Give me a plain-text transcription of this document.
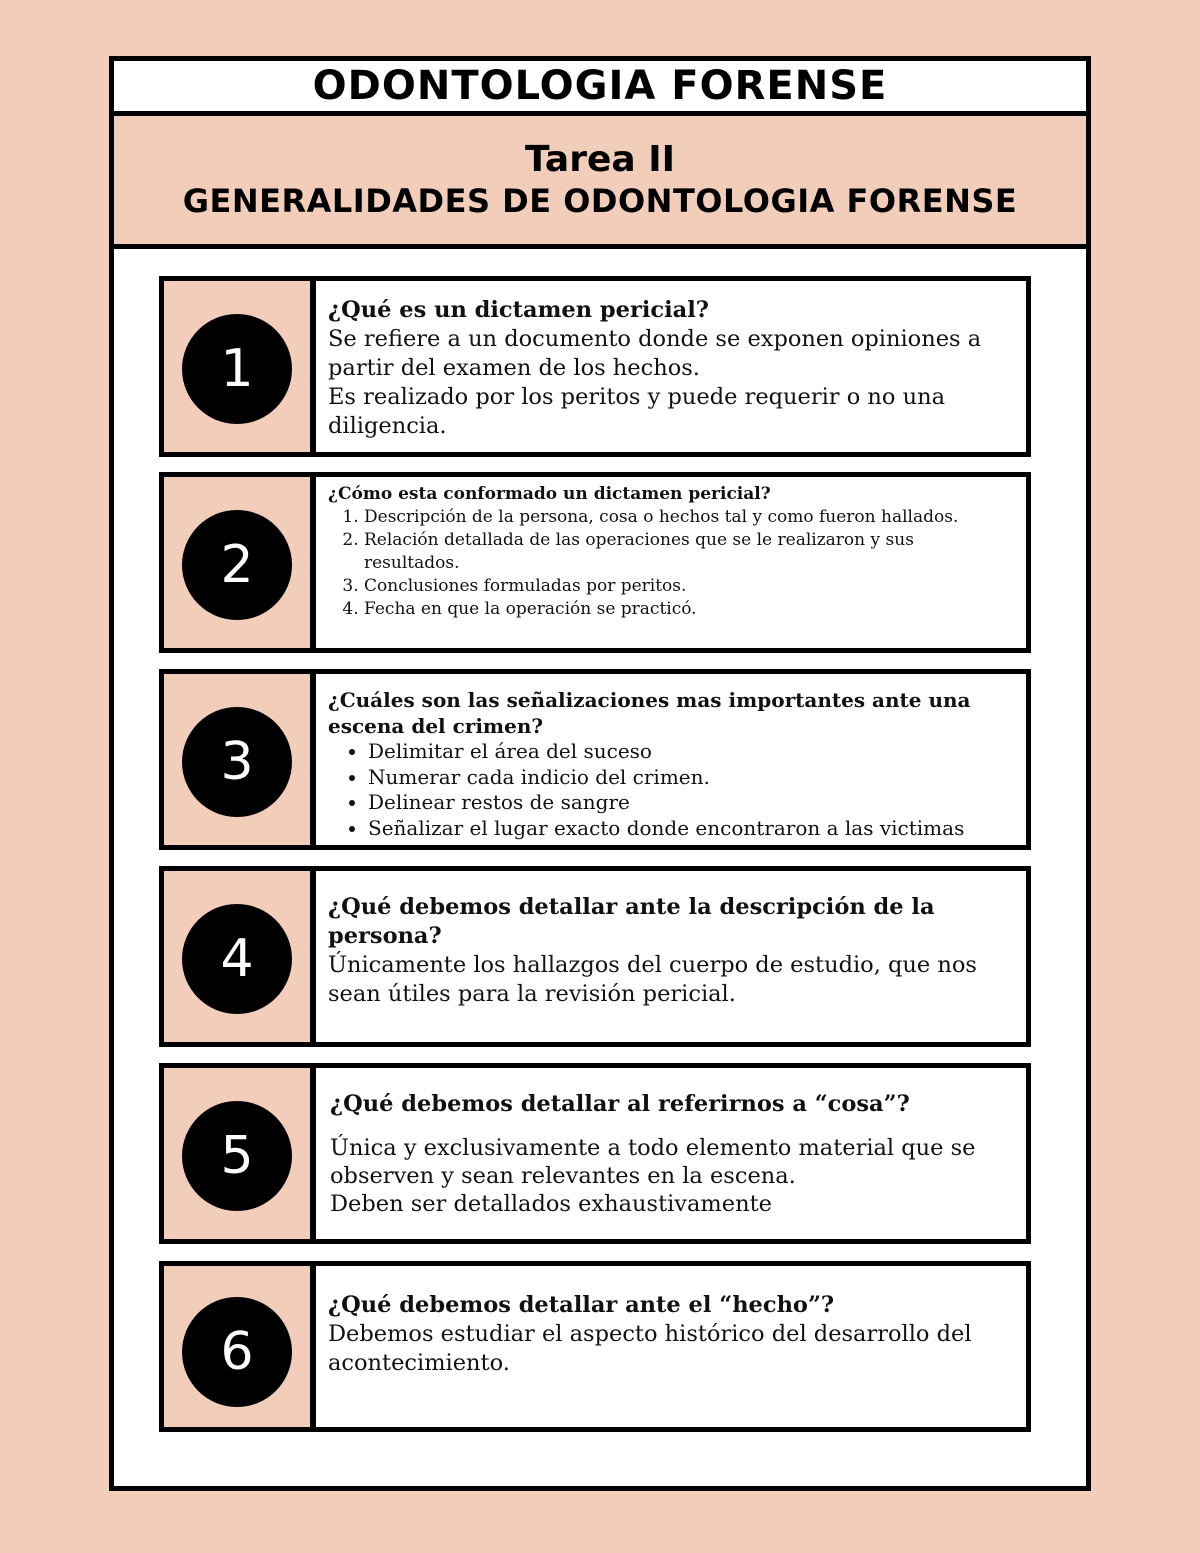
ODONTOLOGIA FORENSE
Tarea II
GENERALIDADES DE ODONTOLOGIA FORENSE
1

¿Qué es un dictamen pericial?

Se refiere a un documento donde se exponen opiniones a partir del examen de los hechos.

Es realizado por los peritos y puede requerir o no una diligencia.

2

¿Cómo esta conformado un dictamen pericial?

1. Descripción de la persona, cosa o hechos tal y como fueron hallados.
2. Relación detallada de las operaciones que se le realizaron y sus resultados.
3. Conclusiones formuladas por peritos.
4. Fecha en que la operación se practicó.
3

¿Cuáles son las señalizaciones mas importantes ante una escena del crimen?

• Delimitar el área del suceso
• Numerar cada indicio del crimen.
• Delinear restos de sangre
• Señalizar el lugar exacto donde encontraron a las victimas
4

¿Qué debemos detallar ante la descripción de la persona?

Únicamente los hallazgos del cuerpo de estudio, que nos sean útiles para la revisión pericial.

5

¿Qué debemos detallar al referirnos a “cosa”?

Única y exclusivamente a todo elemento material que se observen y sean relevantes en la escena.

Deben ser detallados exhaustivamente

6

¿Qué debemos detallar ante el “hecho”?

Debemos estudiar el aspecto histórico del desarrollo del acontecimiento.
